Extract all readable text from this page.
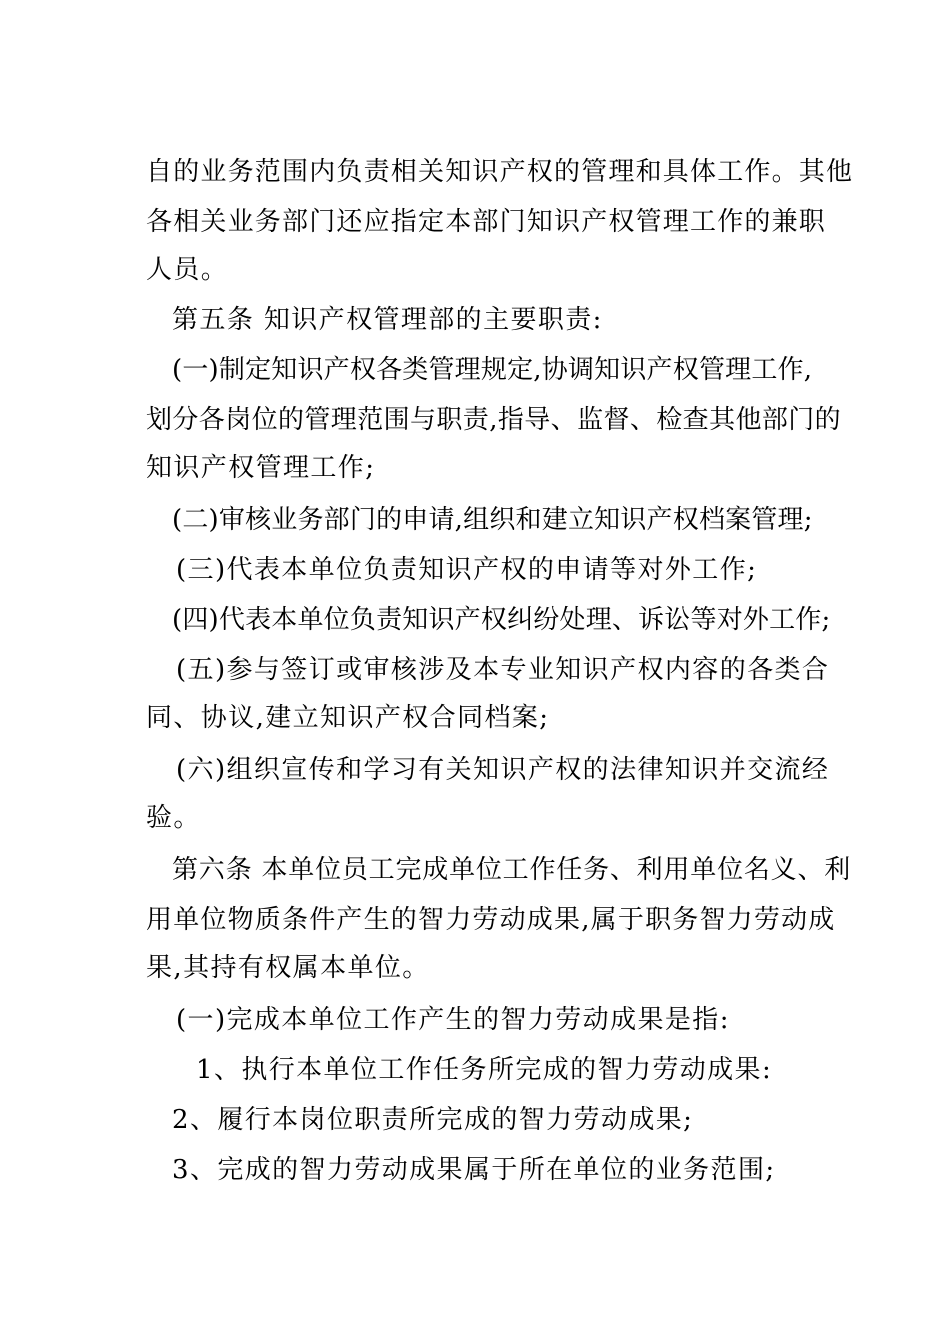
自的业务范围内负责相关知识产权的管理和具体工作。其他
各相关业务部门还应指定本部门知识产权管理工作的兼职
人员。
第五条 知识产权管理部的主要职责:
(一)制定知识产权各类管理规定,协调知识产权管理工作,
划分各岗位的管理范围与职责,指导、监督、检查其他部门的
知识产权管理工作;
(二)审核业务部门的申请,组织和建立知识产权档案管理;
(三)代表本单位负责知识产权的申请等对外工作;
(四)代表本单位负责知识产权纠纷处理、诉讼等对外工作;
(五)参与签订或审核涉及本专业知识产权内容的各类合
同、协议,建立知识产权合同档案;
(六)组织宣传和学习有关知识产权的法律知识并交流经
验。
第六条 本单位员工完成单位工作任务、利用单位名义、利
用单位物质条件产生的智力劳动成果,属于职务智力劳动成
果,其持有权属本单位。
(一)完成本单位工作产生的智力劳动成果是指:
1、执行本单位工作任务所完成的智力劳动成果:
2、履行本岗位职责所完成的智力劳动成果;
3、完成的智力劳动成果属于所在单位的业务范围;
